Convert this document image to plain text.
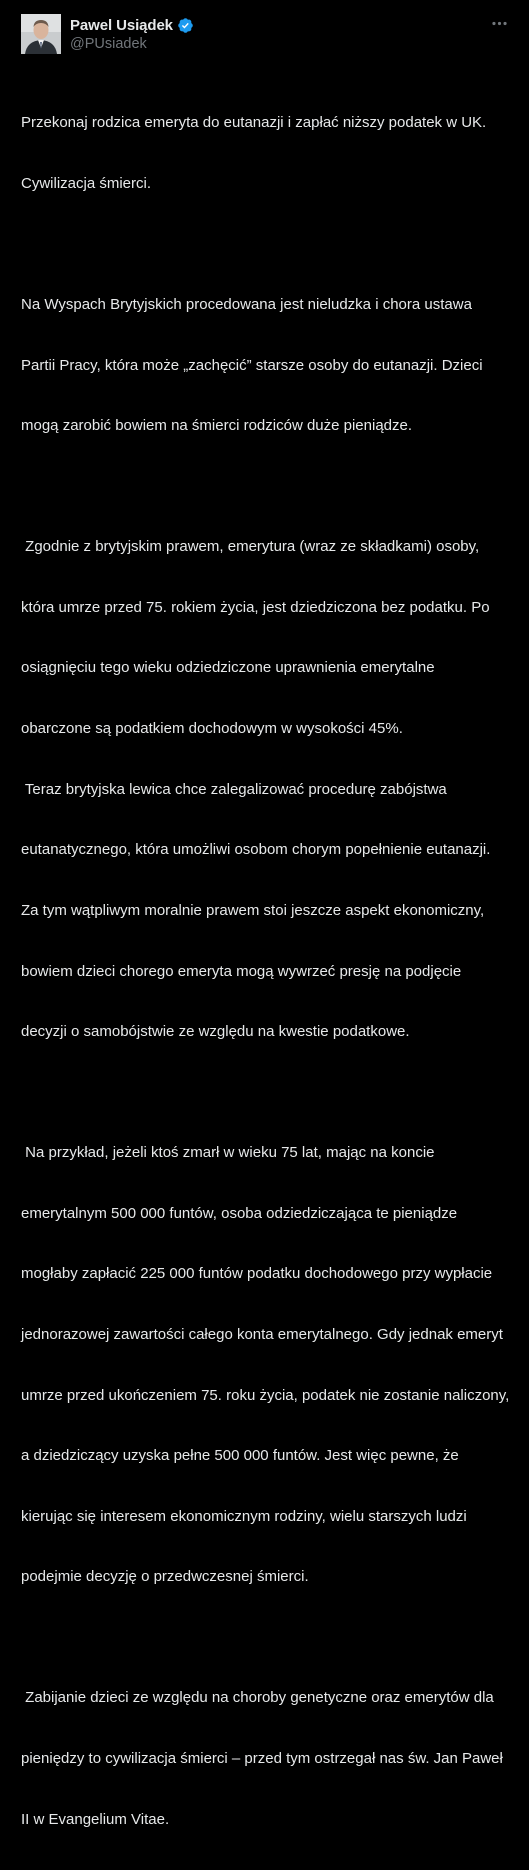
Pawel Usiądek
@PUsiadek

Przekonaj rodzica emeryta do eutanazji i zapłać niższy podatek w UK.

Cywilizacja śmierci.

Na Wyspach Brytyjskich procedowana jest nieludzka i chora ustawa

Partii Pracy, która może „zachęcić” starsze osoby do eutanazji. Dzieci

mogą zarobić bowiem na śmierci rodziców duże pieniądze.

Zgodnie z brytyjskim prawem, emerytura (wraz ze składkami) osoby,

która umrze przed 75. rokiem życia, jest dziedziczona bez podatku. Po

osiągnięciu tego wieku odziedziczone uprawnienia emerytalne

obarczone są podatkiem dochodowym w wysokości 45%.

Teraz brytyjska lewica chce zalegalizować procedurę zabójstwa

eutanatycznego, która umożliwi osobom chorym popełnienie eutanazji.

Za tym wątpliwym moralnie prawem stoi jeszcze aspekt ekonomiczny,

bowiem dzieci chorego emeryta mogą wywrzeć presję na podjęcie

decyzji o samobójstwie ze względu na kwestie podatkowe.

Na przykład, jeżeli ktoś zmarł w wieku 75 lat, mając na koncie

emerytalnym 500 000 funtów, osoba odziedziczająca te pieniądze

mogłaby zapłacić 225 000 funtów podatku dochodowego przy wypłacie

jednorazowej zawartości całego konta emerytalnego. Gdy jednak emeryt

umrze przed ukończeniem 75. roku życia, podatek nie zostanie naliczony,

a dziedziczący uzyska pełne 500 000 funtów. Jest więc pewne, że

kierując się interesem ekonomicznym rodziny, wielu starszych ludzi

podejmie decyzję o przedwczesnej śmierci.

Zabijanie dzieci ze względu na choroby genetyczne oraz emerytów dla

pieniędzy to cywilizacja śmierci – przed tym ostrzegał nas św. Jan Paweł

II w Evangelium Vitae.
